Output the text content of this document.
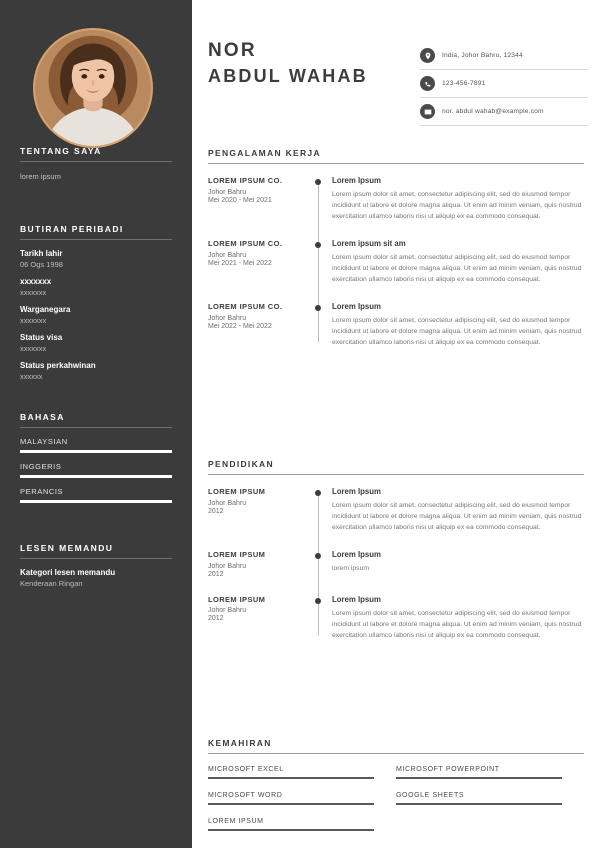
TENTANG SAYA
lorem ipsum
BUTIRAN PERIBADI
Tarikh lahir
06 Ogs 1998
xxxxxxx
xxxxxxx
Warganegara
xxxxxxx
Status visa
xxxxxxx
Status perkahwinan
xxxxxx
BAHASA
MALAYSIAN
INGGERIS
PERANCIS
LESEN MEMANDU
Kategori lesen memandu
Kenderaan Ringan
NOR
ABDUL WAHAB
India, Johor Bahru, 12344
123-456-7891
nor. abdul wahab@example.com
PENGALAMAN KERJA
LOREM IPSUM CO.
Johor Bahru
Mei 2020 - Mei 2021
Lorem Ipsum
Lorem ipsum dolor sit amet, consectetur adipiscing elit, sed do eiusmod tempor incididunt ut labore et dolore magna aliqua. Ut enim ad minim veniam, quis nostrud exercitation ullamco laboris nisi ut aliquip ex ea commodo consequat.
LOREM IPSUM CO.
Johor Bahru
Mei 2021 - Mei 2022
Lorem ipsum sit am
Lorem ipsum dolor sit amet, consectetur adipiscing elit, sed do eiusmod tempor incididunt ut labore et dolore magna aliqua. Ut enim ad minim veniam, quis nostrud exercitation ullamco laboris nisi ut aliquip ex ea commodo consequat.
LOREM IPSUM CO.
Johor Bahru
Mei 2022 - Mei 2022
Lorem Ipsum
Lorem ipsum dolor sit amet, consectetur adipiscing elit, sed do eiusmod tempor incididunt ut labore et dolore magna aliqua. Ut enim ad minim veniam, quis nostrud exercitation ullamco laboris nisi ut aliquip ex ea commodo consequat.
PENDIDIKAN
LOREM IPSUM
Johor Bahru
2012
Lorem Ipsum
Lorem ipsum dolor sit amet, consectetur adipiscing elit, sed do eiusmod tempor incididunt ut labore et dolore magna aliqua. Ut enim ad minim veniam, quis nostrud exercitation ullamco laboris nisi ut aliquip ex ea commodo consequat.
LOREM IPSUM
Johor Bahru
2012
Lorem Ipsum
lorem ipsum
LOREM IPSUM
Johor Bahru
2012
Lorem Ipsum
Lorem ipsum dolor sit amet, consectetur adipiscing elit, sed do eiusmod tempor incididunt ut labore et dolore magna aliqua. Ut enim ad minim veniam, quis nostrud exercitation ullamco laboris nisi ut aliquip ex ea commodo consequat.
KEMAHIRAN
MICROSOFT EXCEL	MICROSOFT POWERPOINT
MICROSOFT WORD	GOOGLE SHEETS
LOREM IPSUM
